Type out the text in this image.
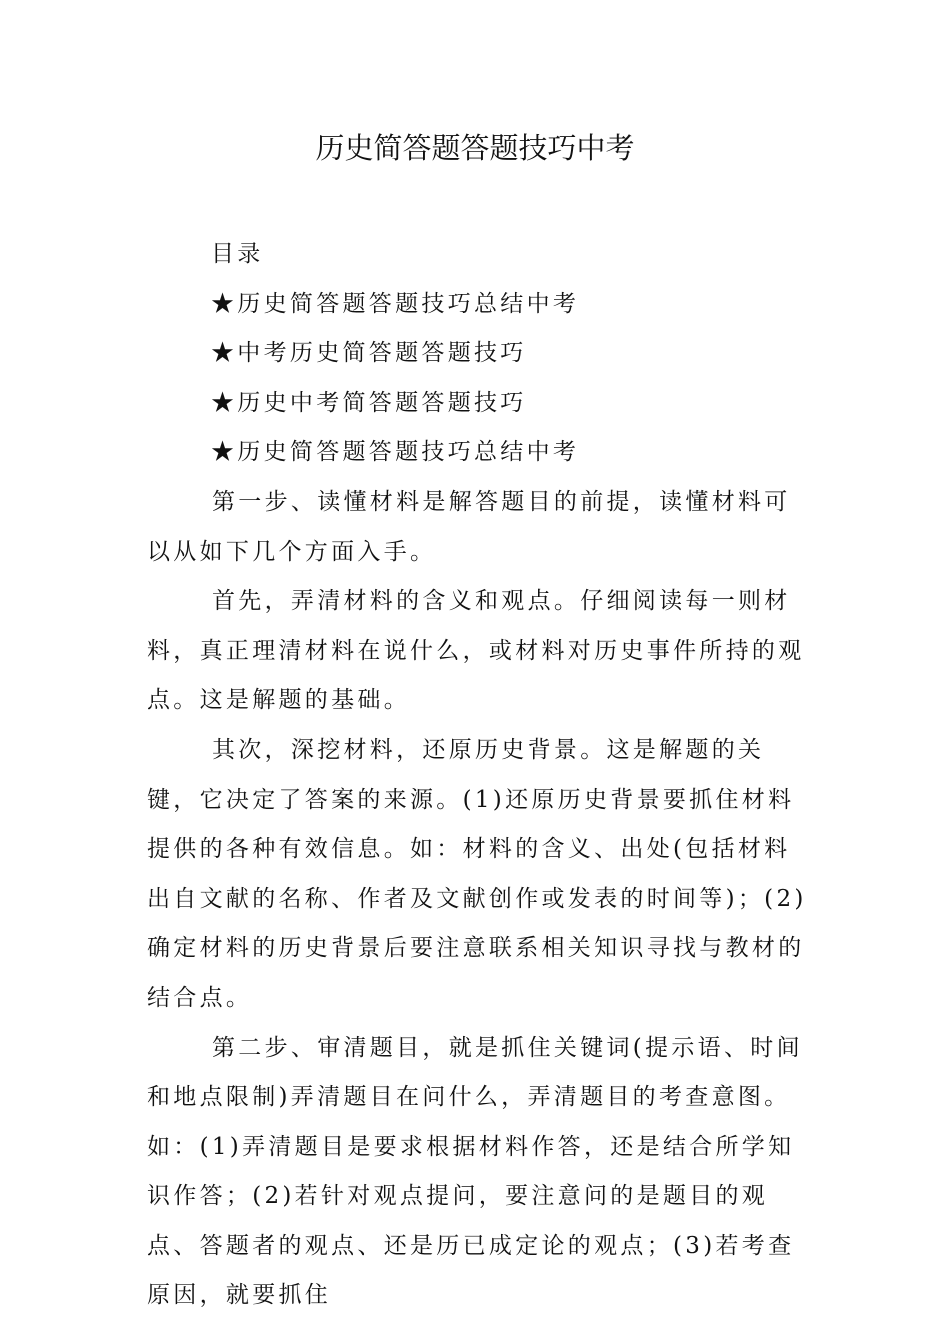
历史简答题答题技巧中考

目录

★历史简答题答题技巧总结中考

★中考历史简答题答题技巧

★历史中考简答题答题技巧

★历史简答题答题技巧总结中考

第一步、读懂材料是解答题目的前提，读懂材料可以从如下几个方面入手。

首先，弄清材料的含义和观点。仔细阅读每一则材料，真正理清材料在说什么，或材料对历史事件所持的观点。这是解题的基础。

其次，深挖材料，还原历史背景。这是解题的关键，它决定了答案的来源。(1)还原历史背景要抓住材料提供的各种有效信息。如：材料的含义、出处(包括材料出自文献的名称、作者及文献创作或发表的时间等)；(2)确定材料的历史背景后要注意联系相关知识寻找与教材的结合点。

第二步、审清题目，就是抓住关键词(提示语、时间和地点限制)弄清题目在问什么，弄清题目的考查意图。如：(1)弄清题目是要求根据材料作答，还是结合所学知识作答；(2)若针对观点提问，要注意问的是题目的观点、答题者的观点、还是历已成定论的观点；(3)若考查原因，就要抓住
